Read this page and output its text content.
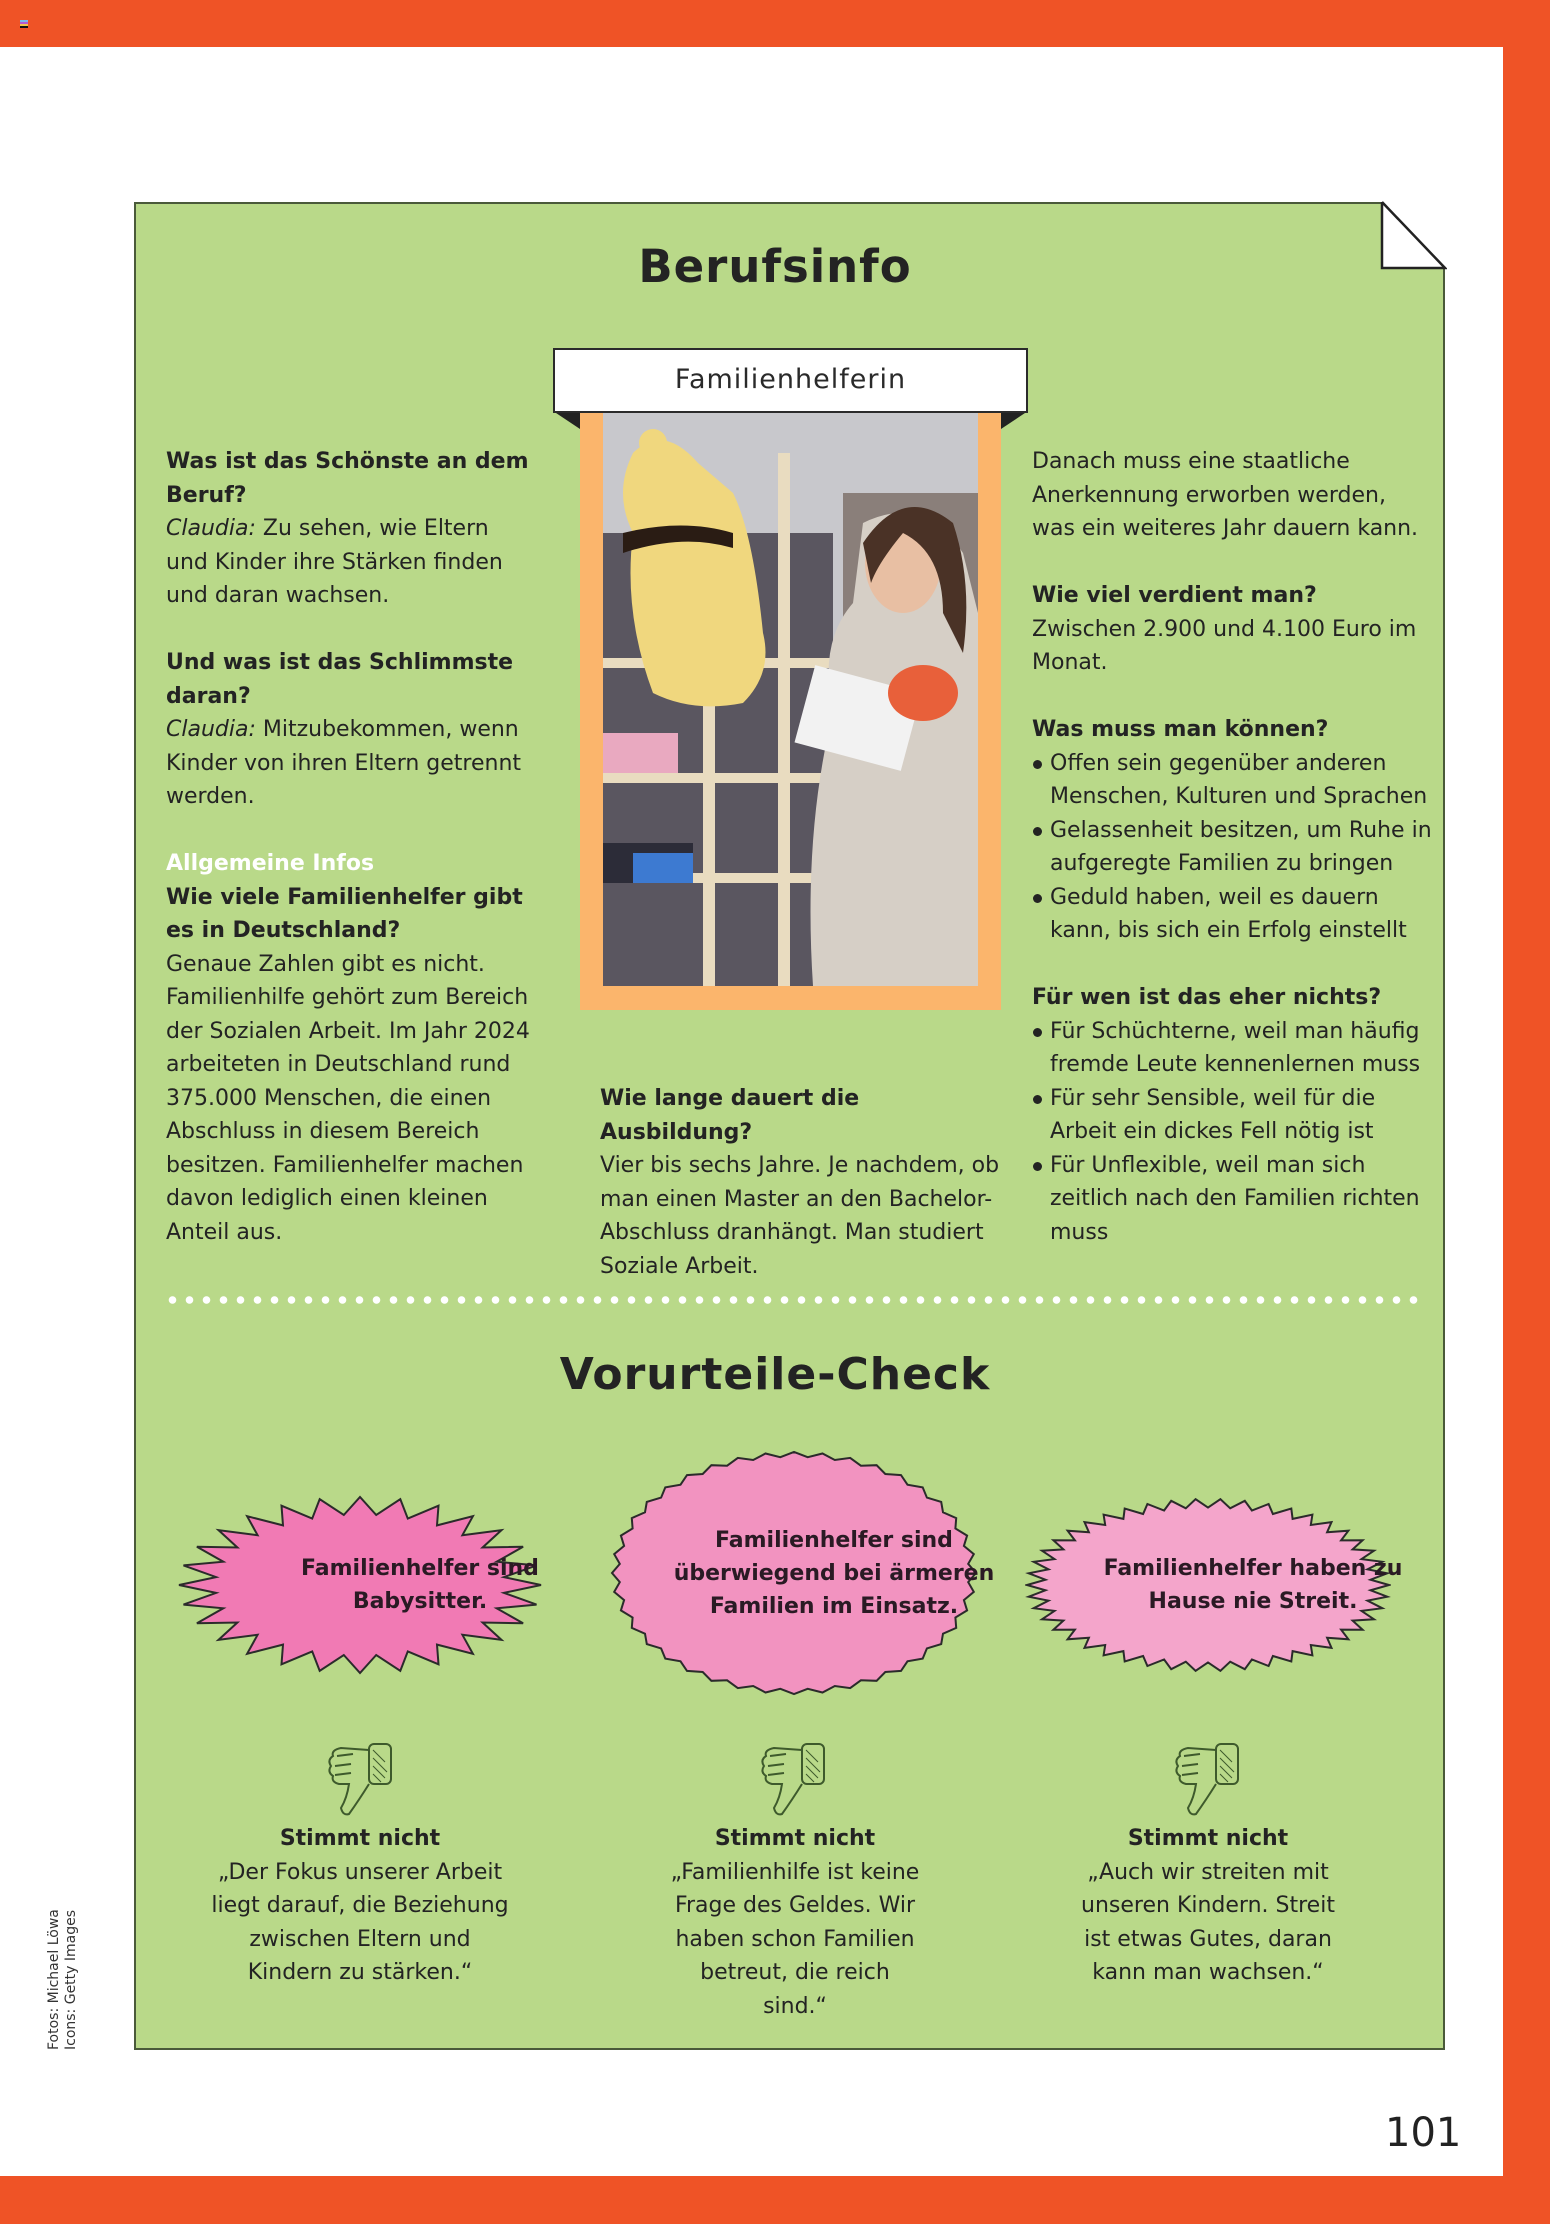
Berufsinfo
Familienhelferin

Was ist das Schönste an dem Beruf?

Claudia: Zu sehen, wie Eltern und Kinder ihre Stärken finden und daran wachsen.

Und was ist das Schlimmste daran?

Claudia: Mitzubekommen, wenn Kinder von ihren Eltern getrennt werden.

Allgemeine Infos

Wie viele Familienhelfer gibt es in Deutschland?

Genaue Zahlen gibt es nicht. Familienhilfe gehört zum Bereich der Sozialen Arbeit. Im Jahr 2024 arbeiteten in Deutschland rund 375.000 Menschen, die einen Abschluss in diesem Bereich besitzen. Familienhelfer machen davon lediglich einen kleinen Anteil aus.

Wie lange dauert die Ausbildung?

Vier bis sechs Jahre. Je nachdem, ob man einen Master an den Bachelor-Abschluss dranhängt. Man studiert Soziale Arbeit.

Danach muss eine staatliche Anerkennung erworben werden, was ein weiteres Jahr dauern kann.

Wie viel verdient man?

Zwischen 2.900 und 4.100 Euro im Monat.

Was muss man können?

Offen sein gegenüber anderen Menschen, Kulturen und Sprachen
Gelassenheit besitzen, um Ruhe in aufgeregte Familien zu bringen
Geduld haben, weil es dauern kann, bis sich ein Erfolg einstellt

Für wen ist das eher nichts?

Für Schüchterne, weil man häufig fremde Leute kennenlernen muss
Für sehr Sensible, weil für die Arbeit ein dickes Fell nötig ist
Für Unflexible, weil man sich zeitlich nach den Familien richten muss
Vorurteile-Check
Familienhelfer sind Babysitter.
Familienhelfer sind überwiegend bei ärmeren Familien im Einsatz.
Familienhelfer haben zu Hause nie Streit.
Stimmt nicht
„Der Fokus unserer Arbeit liegt darauf, die Beziehung zwischen Eltern und Kindern zu stärken.“
Stimmt nicht
„Familienhilfe ist keine Frage des Geldes. Wir haben schon Familien betreut, die reich sind.“
Stimmt nicht
„Auch wir streiten mit unseren Kindern. Streit ist etwas Gutes, daran kann man wachsen.“
Fotos: Michael Löwa Icons: Getty Images
101
